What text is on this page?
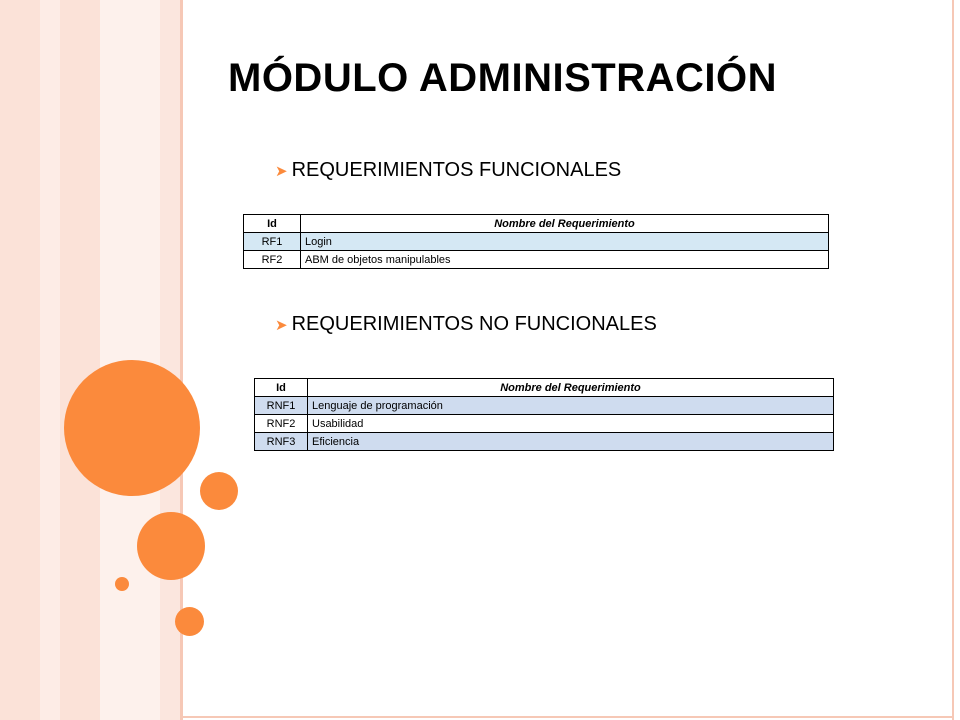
MÓDULO ADMINISTRACIÓN
➤ REQUERIMIENTOS FUNCIONALES
Id	Nombre del Requerimiento
RF1	Login
RF2	ABM de objetos manipulables
➤ REQUERIMIENTOS NO FUNCIONALES
Id	Nombre del Requerimiento
RNF1	Lenguaje de programación
RNF2	Usabilidad
RNF3	Eficiencia
